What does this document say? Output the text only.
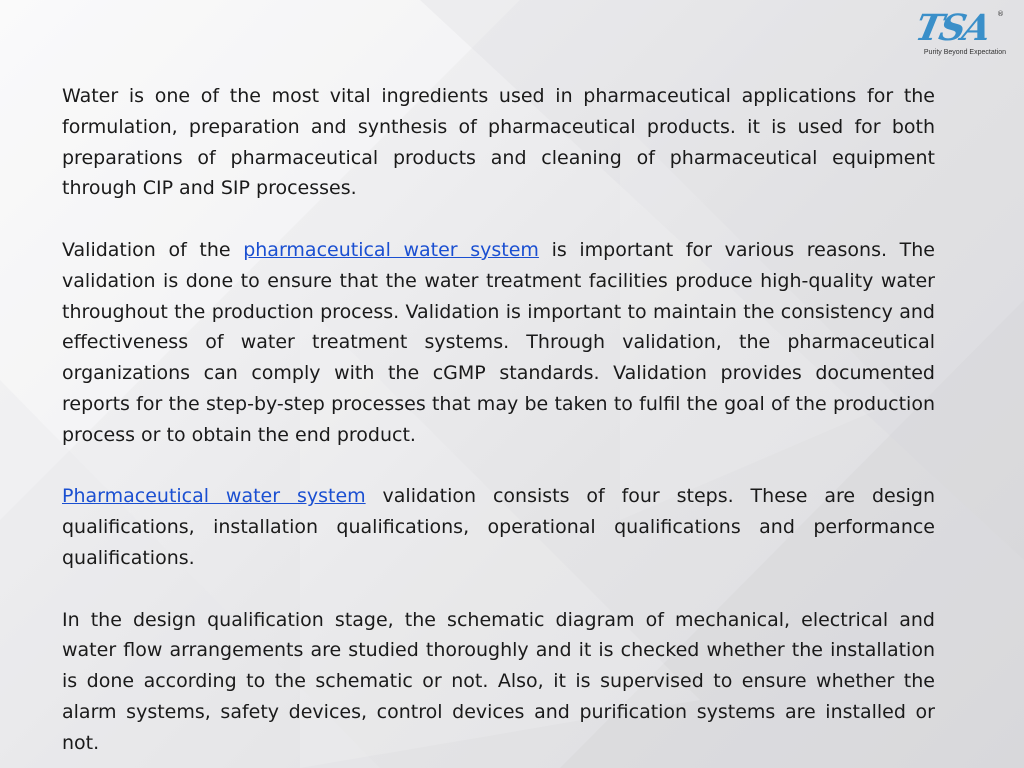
TSA ®
Purity Beyond Expectation

Water is one of the most vital ingredients used in pharmaceutical applications for the formulation, preparation and synthesis of pharmaceutical products. it is used for both preparations of pharmaceutical products and cleaning of pharmaceutical equipment through CIP and SIP processes.

Validation of the pharmaceutical water system is important for various reasons. The validation is done to ensure that the water treatment facilities produce high-quality water throughout the production process. Validation is important to maintain the consistency and effectiveness of water treatment systems. Through validation, the pharmaceutical organizations can comply with the cGMP standards. Validation provides documented reports for the step-by-step processes that may be taken to fulfil the goal of the production process or to obtain the end product.

Pharmaceutical water system validation consists of four steps. These are design qualifications, installation qualifications, operational qualifications and performance qualifications.

In the design qualification stage, the schematic diagram of mechanical, electrical and water flow arrangements are studied thoroughly and it is checked whether the installation is done according to the schematic or not. Also, it is supervised to ensure whether the alarm systems, safety devices, control devices and purification systems are installed or not.
